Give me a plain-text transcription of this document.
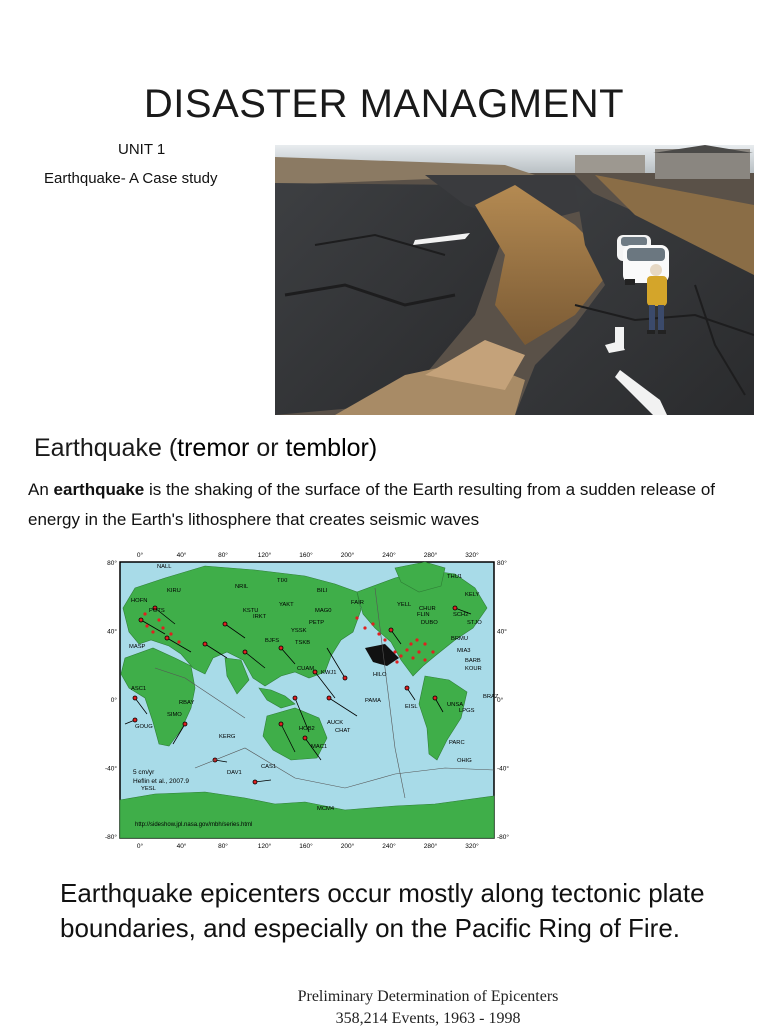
DISASTER MANAGMENT
UNIT 1
Earthquake- A Case study
Earthquake (tremor or temblor)
An earthquake is the shaking of the surface of the Earth resulting from a sudden release of energy in the Earth's lithosphere that creates seismic waves
0°	40°	80°	120°	160°	200°	240°	280°	320°
0°	40°	80°	120°	160°	200°	240°	280°	320°
80°
40°
0°
-40°
-80°
80°
40°
0°
-40°
-80°
NALL
THU1
KIRU
NRIL
TIXI
BILI
KELY
HOFN
YAKT
MAG0
FAIR	YELL
CHUR
POTS	KSTU
IRKT
PETP
YSSK
FLIN	SCH2
DUBO	STJO
TSKB
BJFS	BRMU
MASP
MIA3
ASC1
CUAM
KWJ1	HILO
BARB
KOUR
PAMA
BRAZ
SIMO
HOB2
AUCK
CHAT
EISL	UNSA
LPGS
GOUG
KERG
MAC1
PARC
CAS1
DAV1
YESL
OHIG
MCM4
RBAY
5 cm/yr
Heflin et al., 2007.9
http://sideshow.jpl.nasa.gov/mbh/series.html
Earthquake epicenters occur mostly along tectonic plate boundaries, and especially on the Pacific Ring of Fire.
Preliminary Determination of Epicenters
358,214 Events, 1963 - 1998
